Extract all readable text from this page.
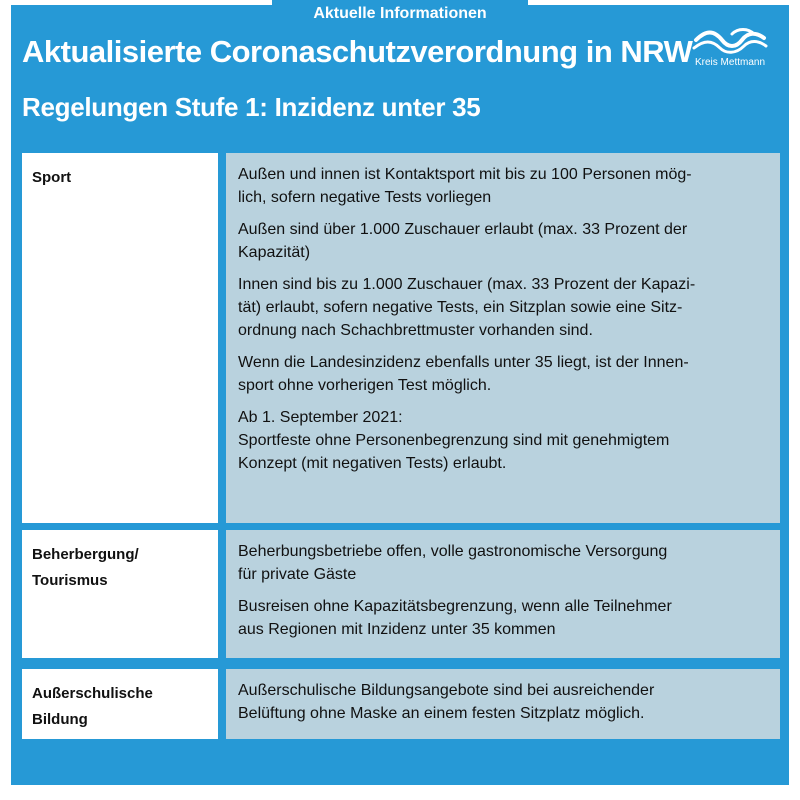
Aktuelle Informationen
Aktualisierte Coronaschutzverordnung in NRW
Regelungen Stufe 1: Inzidenz unter 35
Kreis Mettmann
Sport	Außen und innen ist Kontaktsport mit bis zu 100 Personen mög-
lich, sofern negative Tests vorliegen

Außen sind über 1.000 Zuschauer erlaubt (max. 33 Prozent der
Kapazität)

Innen sind bis zu 1.000 Zuschauer (max. 33 Prozent der Kapazi-
tät) erlaubt, sofern negative Tests, ein Sitzplan sowie eine Sitz-
ordnung nach Schachbrettmuster vorhanden sind.

Wenn die Landesinzidenz ebenfalls unter 35 liegt, ist der Innen-
sport ohne vorherigen Test möglich.

Ab 1. September 2021:
Sportfeste ohne Personenbegrenzung sind mit genehmigtem
Konzept (mit negativen Tests) erlaubt.

Beherbergung/
Tourismus

Beherbungsbetriebe offen, volle gastronomische Versorgung
für private Gäste

Busreisen ohne Kapazitätsbegrenzung, wenn alle Teilnehmer
aus Regionen mit Inzidenz unter 35 kommen

Außerschulische
Bildung

Außerschulische Bildungsangebote sind bei ausreichender
Belüftung ohne Maske an einem festen Sitzplatz möglich.
